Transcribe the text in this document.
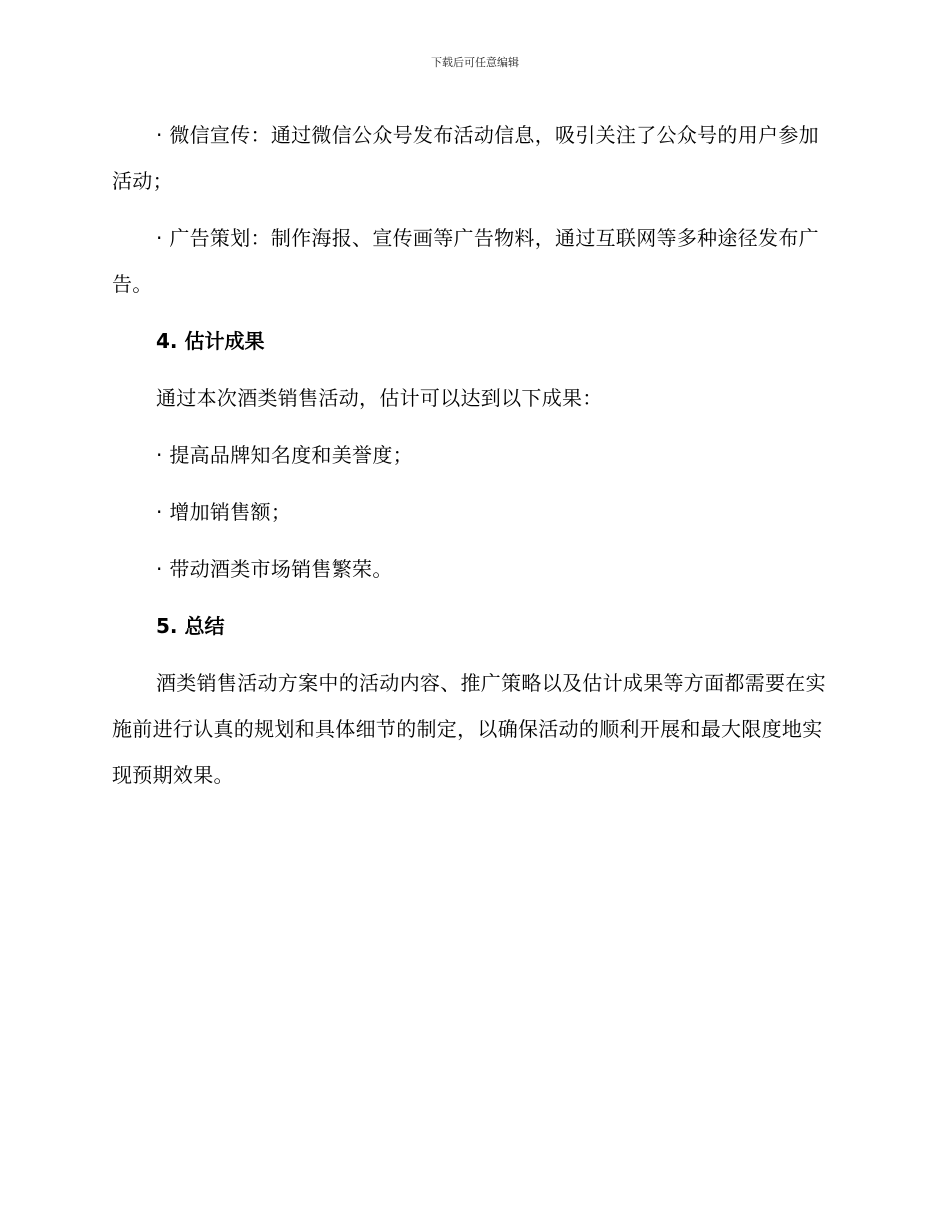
下载后可任意编辑

· 微信宣传：通过微信公众号发布活动信息，吸引关注了公众号的用户参加活动；

· 广告策划：制作海报、宣传画等广告物料，通过互联网等多种途径发布广告。

4. 估计成果

通过本次酒类销售活动，估计可以达到以下成果：

· 提高品牌知名度和美誉度；

· 增加销售额；

· 带动酒类市场销售繁荣。

5. 总结

酒类销售活动方案中的活动内容、推广策略以及估计成果等方面都需要在实施前进行认真的规划和具体细节的制定，以确保活动的顺利开展和最大限度地实现预期效果。
